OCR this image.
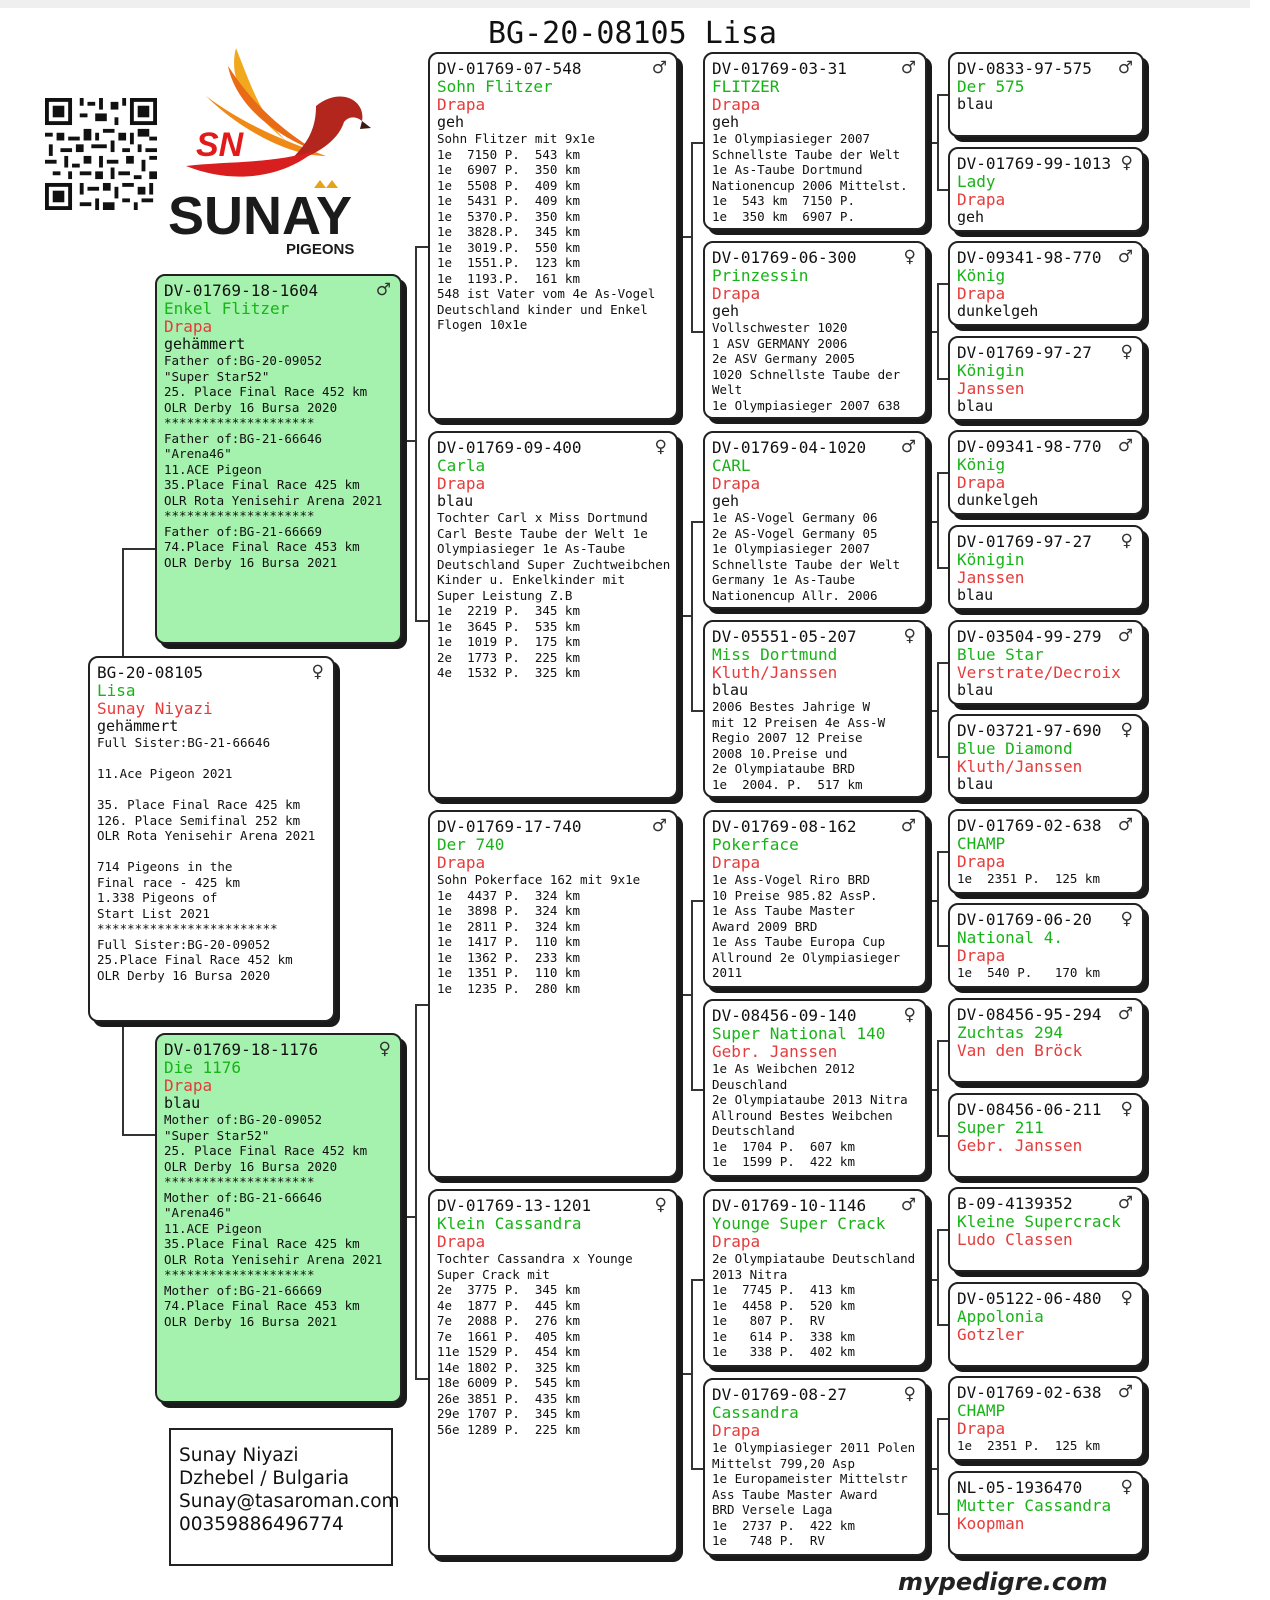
BG-20-08105 Lisa
SN
SUNAY
PIGEONS
♀
BG-20-08105
Lisa
Sunay Niyazi
gehämmert
Full Sister:BG-21-66646

11.Ace Pigeon 2021

35. Place Final Race 425 km
126. Place Semifinal 252 km
OLR Rota Yenisehir Arena 2021

714 Pigeons in the
Final race - 425 km
1.338 Pigeons of
Start List 2021
************************
Full Sister:BG-20-09052
25.Place Final Race 452 km
OLR Derby 16 Bursa 2020
♂
DV-01769-18-1604
Enkel Flitzer
Drapa
gehämmert
Father of:BG-20-09052
"Super Star52"
25. Place Final Race 452 km
OLR Derby 16 Bursa 2020
********************
Father of:BG-21-66646
"Arena46"
11.ACE Pigeon
35.Place Final Race 425 km
OLR Rota Yenisehir Arena 2021
********************
Father of:BG-21-66669
74.Place Final Race 453 km
OLR Derby 16 Bursa 2021
♀
DV-01769-18-1176
Die 1176
Drapa
blau
Mother of:BG-20-09052
"Super Star52"
25. Place Final Race 452 km
OLR Derby 16 Bursa 2020
********************
Mother of:BG-21-66646
"Arena46"
11.ACE Pigeon
35.Place Final Race 425 km
OLR Rota Yenisehir Arena 2021
********************
Mother of:BG-21-66669
74.Place Final Race 453 km
OLR Derby 16 Bursa 2021
♂
DV-01769-07-548
Sohn Flitzer
Drapa
geh
Sohn Flitzer mit 9x1e
1e  7150 P.  543 km
1e  6907 P.  350 km
1e  5508 P.  409 km
1e  5431 P.  409 km
1e  5370.P.  350 km
1e  3828.P.  345 km
1e  3019.P.  550 km
1e  1551.P.  123 km
1e  1193.P.  161 km
548 ist Vater vom 4e As-Vogel
Deutschland kinder und Enkel
Flogen 10x1e
♀
DV-01769-09-400
Carla
Drapa
blau
Tochter Carl x Miss Dortmund
Carl Beste Taube der Welt 1e
Olympiasieger 1e As-Taube
Deutschland Super Zuchtweibchen
Kinder u. Enkelkinder mit
Super Leistung Z.B
1e  2219 P.  345 km
1e  3645 P.  535 km
1e  1019 P.  175 km
2e  1773 P.  225 km
4e  1532 P.  325 km
♂
DV-01769-17-740
Der 740
Drapa
Sohn Pokerface 162 mit 9x1e
1e  4437 P.  324 km
1e  3898 P.  324 km
1e  2811 P.  324 km
1e  1417 P.  110 km
1e  1362 P.  233 km
1e  1351 P.  110 km
1e  1235 P.  280 km
♀
DV-01769-13-1201
Klein Cassandra
Drapa
Tochter Cassandra x Younge
Super Crack mit
2e  3775 P.  345 km
4e  1877 P.  445 km
7e  2088 P.  276 km
7e  1661 P.  405 km
11e 1529 P.  454 km
14e 1802 P.  325 km
18e 6009 P.  545 km
26e 3851 P.  435 km
29e 1707 P.  345 km
56e 1289 P.  225 km
♂
DV-01769-03-31
FLITZER
Drapa
geh
1e Olympiasieger 2007
Schnellste Taube der Welt
1e As-Taube Dortmund
Nationencup 2006 Mittelst.
1e  543 km  7150 P.
1e  350 km  6907 P.
♀
DV-01769-06-300
Prinzessin
Drapa
geh
Vollschwester 1020
1 ASV GERMANY 2006
2e ASV Germany 2005
1020 Schnellste Taube der
Welt
1e Olympiasieger 2007 638
♂
DV-01769-04-1020
CARL
Drapa
geh
1e AS-Vogel Germany 06
2e AS-Vogel Germany 05
1e Olympiasieger 2007
Schnellste Taube der Welt
Germany 1e As-Taube
Nationencup Allr. 2006
♀
DV-05551-05-207
Miss Dortmund
Kluth/Janssen
blau
2006 Bestes Jahrige W
mit 12 Preisen 4e Ass-W
Regio 2007 12 Preise
2008 10.Preise und
2e Olympiataube BRD
1e  2004. P.  517 km
♂
DV-01769-08-162
Pokerface
Drapa
1e Ass-Vogel Riro BRD
10 Preise 985.82 AssP.
1e Ass Taube Master
Award 2009 BRD
1e Ass Taube Europa Cup
Allround 2e Olympiasieger
2011
♀
DV-08456-09-140
Super National 140
Gebr. Janssen
1e As Weibchen 2012
Deuschland
2e Olympiataube 2013 Nitra
Allround Bestes Weibchen
Deutschland
1e  1704 P.  607 km
1e  1599 P.  422 km
♂
DV-01769-10-1146
Younge Super Crack
Drapa
2e Olympiataube Deutschland
2013 Nitra
1e  7745 P.  413 km
1e  4458 P.  520 km
1e   807 P.  RV
1e   614 P.  338 km
1e   338 P.  402 km
♀
DV-01769-08-27
Cassandra
Drapa
1e Olympiasieger 2011 Polen
Mittelst 799,20 Asp
1e Europameister Mittelstr
Ass Taube Master Award
BRD Versele Laga
1e  2737 P.  422 km
1e   748 P.  RV
♂
DV-0833-97-575
Der 575
blau
♀
DV-01769-99-1013
Lady
Drapa
geh
♂
DV-09341-98-770
König
Drapa
dunkelgeh
♀
DV-01769-97-27
Königin
Janssen
blau
♂
DV-09341-98-770
König
Drapa
dunkelgeh
♀
DV-01769-97-27
Königin
Janssen
blau
♂
DV-03504-99-279
Blue Star
Verstrate/Decroix
blau
♀
DV-03721-97-690
Blue Diamond
Kluth/Janssen
blau
♂
DV-01769-02-638
CHAMP
Drapa
1e  2351 P.  125 km
♀
DV-01769-06-20
National 4.
Drapa
1e  540 P.   170 km
♂
DV-08456-95-294
Zuchtas 294
Van den Bröck
♀
DV-08456-06-211
Super 211
Gebr. Janssen
♂
B-09-4139352
Kleine Supercrack
Ludo Classen
♀
DV-05122-06-480
Appolonia
Gotzler
♂
DV-01769-02-638
CHAMP
Drapa
1e  2351 P.  125 km
♀
NL-05-1936470
Mutter Cassandra
Koopman
Sunay Niyazi
Dzhebel / Bulgaria
Sunay@tasaroman.com
00359886496774
mypedigre.com
